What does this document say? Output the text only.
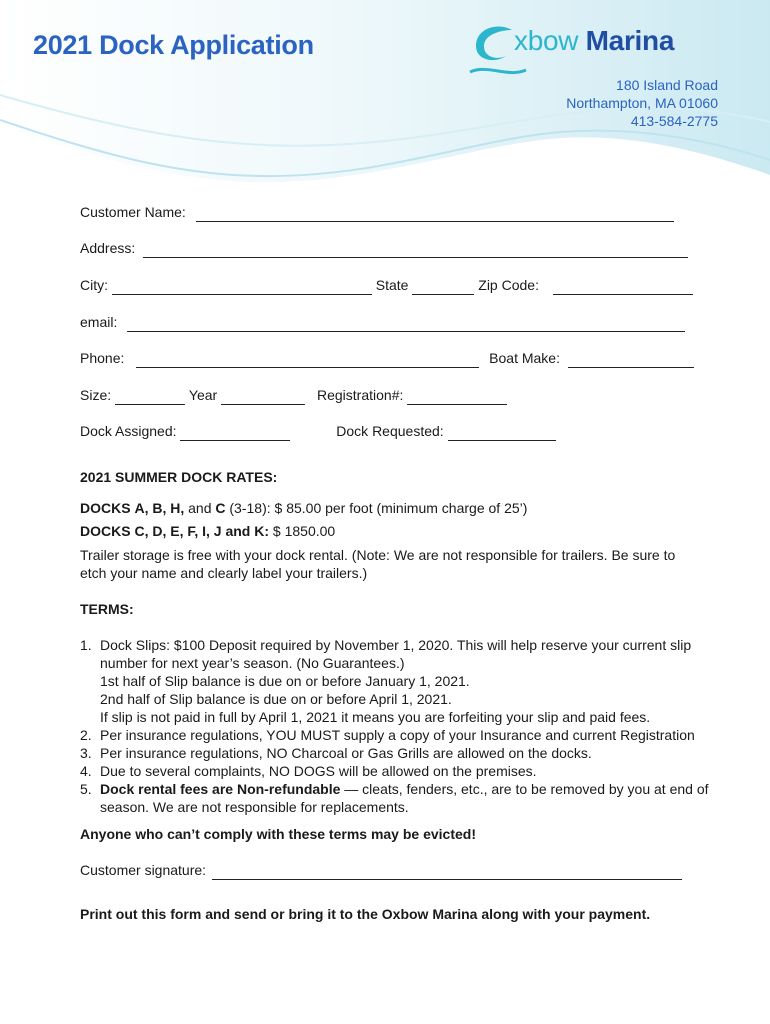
2021 Dock Application	xbow Marina
180 Island Road
Northampton, MA 01060
413-584-2775
Customer Name:
Address:
City:	State	Zip Code:
email:
Phone:	Boat Make:
Size:	Year	Registration#:
Dock Assigned:	Dock Requested:
2021 SUMMER DOCK RATES:
DOCKS A, B, H, and C (3-18): $ 85.00 per foot (minimum charge of 25’)
DOCKS C, D, E, F, I, J and K: $ 1850.00
Trailer storage is free with your dock rental. (Note: We are not responsible for trailers. Be sure to etch your name and clearly label your trailers.)
TERMS:
1. Dock Slips: $100 Deposit required by November 1, 2020. This will help reserve your current slip number for next year’s season. (No Guarantees.)
1st half of Slip balance is due on or before January 1, 2021.
2nd half of Slip balance is due on or before April 1, 2021.
If slip is not paid in full by April 1, 2021 it means you are forfeiting your slip and paid fees.
2. Per insurance regulations, YOU MUST supply a copy of your Insurance and current Registration
3. Per insurance regulations, NO Charcoal or Gas Grills are allowed on the docks.
4. Due to several complaints, NO DOGS will be allowed on the premises.
5. Dock rental fees are Non-refundable — cleats, fenders, etc., are to be removed by you at end of season. We are not responsible for replacements.
Anyone who can’t comply with these terms may be evicted!
Customer signature:
Print out this form and send or bring it to the Oxbow Marina along with your payment.
